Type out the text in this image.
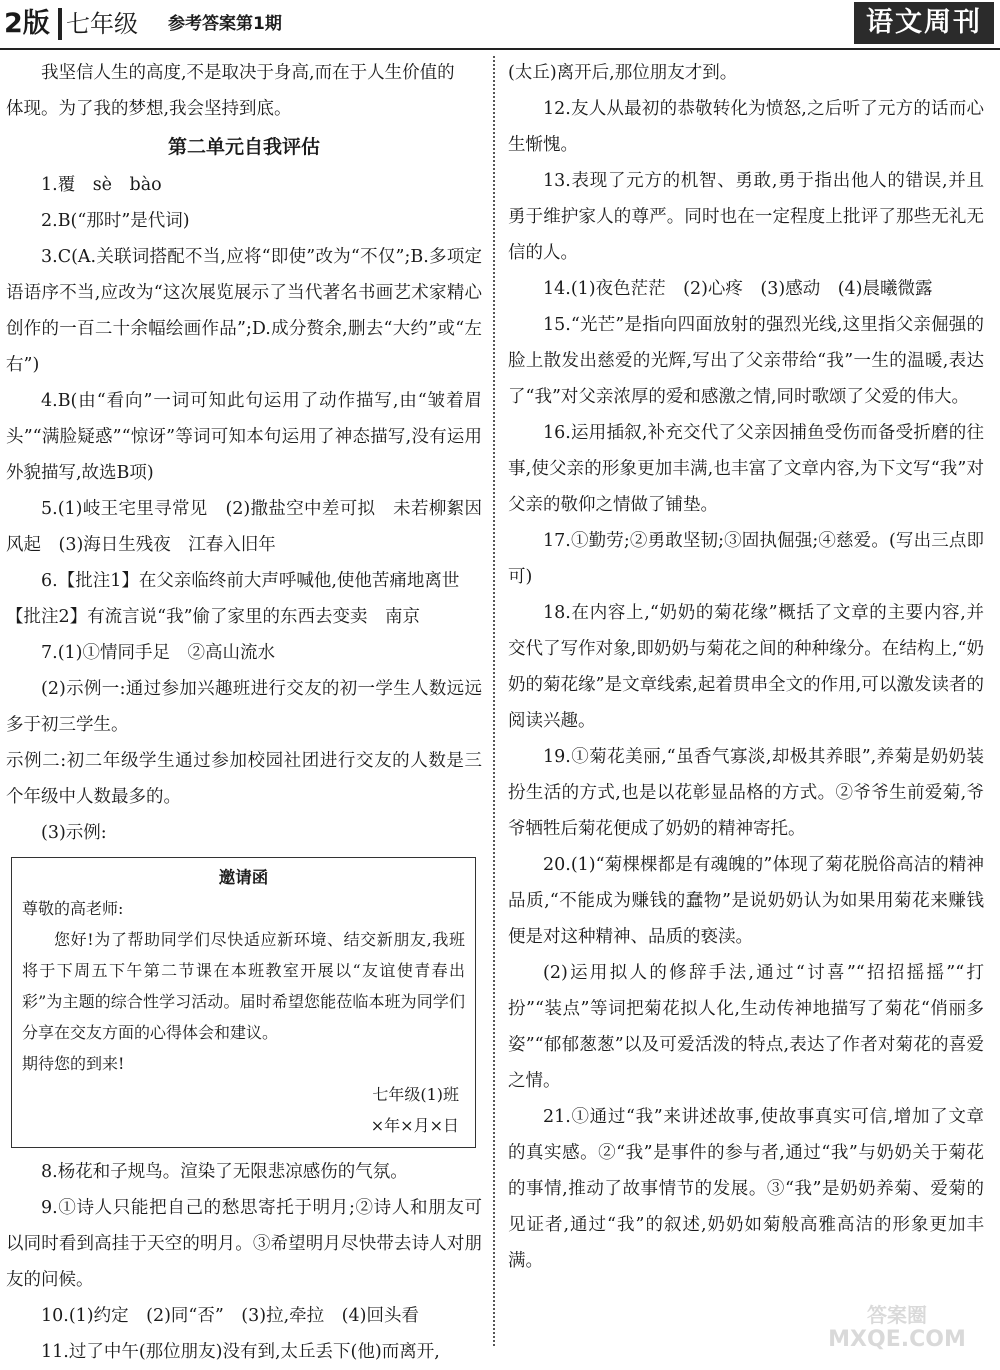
2版 七年级 参考答案第1期	语文周刊

我坚信人生的高度,不是取决于身高,而在于人生价值的

体现。为了我的梦想,我会坚持到底。

第二单元自我评估

1.覆　sè　bào

2.B(“那时”是代词)

3.C(A.关联词搭配不当,应将“即使”改为“不仅”;B.多项定语语序不当,应改为“这次展览展示了当代著名书画艺术家精心创作的一百二十余幅绘画作品”;D.成分赘余,删去“大约”或“左右”)

4.B(由“看向”一词可知此句运用了动作描写,由“皱着眉头”“满脸疑惑”“惊讶”等词可知本句运用了神态描写,没有运用外貌描写,故选B项)

5.(1)岐王宅里寻常见　(2)撒盐空中差可拟　未若柳絮因风起　(3)海日生残夜　江春入旧年

6.【批注1】在父亲临终前大声呼喊他,使他苦痛地离世

【批注2】有流言说“我”偷了家里的东西去变卖　南京

7.(1)①情同手足　②高山流水

(2)示例一:通过参加兴趣班进行交友的初一学生人数远远多于初三学生。

示例二:初二年级学生通过参加校园社团进行交友的人数是三个年级中人数最多的。

(3)示例:

邀请函

尊敬的高老师:

您好!为了帮助同学们尽快适应新环境、结交新朋友,我班将于下周五下午第二节课在本班教室开展以“友谊使青春出彩”为主题的综合性学习活动。届时希望您能莅临本班为同学们分享在交友方面的心得体会和建议。

期待您的到来!

七年级(1)班

×年×月×日

8.杨花和子规鸟。渲染了无限悲凉感伤的气氛。

9.①诗人只能把自己的愁思寄托于明月;②诗人和朋友可以同时看到高挂于天空的明月。③希望明月尽快带去诗人对朋友的问候。

10.(1)约定　(2)同“否”　(3)拉,牵拉　(4)回头看

11.过了中午(那位朋友)没有到,太丘丢下(他)而离开,

(太丘)离开后,那位朋友才到。

12.友人从最初的恭敬转化为愤怒,之后听了元方的话而心生惭愧。

13.表现了元方的机智、勇敢,勇于指出他人的错误,并且勇于维护家人的尊严。同时也在一定程度上批评了那些无礼无信的人。

14.(1)夜色茫茫　(2)心疼　(3)感动　(4)晨曦微露

15.“光芒”是指向四面放射的强烈光线,这里指父亲倔强的脸上散发出慈爱的光辉,写出了父亲带给“我”一生的温暖,表达了“我”对父亲浓厚的爱和感激之情,同时歌颂了父爱的伟大。

16.运用插叙,补充交代了父亲因捕鱼受伤而备受折磨的往事,使父亲的形象更加丰满,也丰富了文章内容,为下文写“我”对父亲的敬仰之情做了铺垫。

17.①勤劳;②勇敢坚韧;③固执倔强;④慈爱。(写出三点即可)

18.在内容上,“奶奶的菊花缘”概括了文章的主要内容,并交代了写作对象,即奶奶与菊花之间的种种缘分。在结构上,“奶奶的菊花缘”是文章线索,起着贯串全文的作用,可以激发读者的阅读兴趣。

19.①菊花美丽,“虽香气寡淡,却极其养眼”,养菊是奶奶装扮生活的方式,也是以花彰显品格的方式。②爷爷生前爱菊,爷爷牺牲后菊花便成了奶奶的精神寄托。

20.(1)“菊棵棵都是有魂魄的”体现了菊花脱俗高洁的精神品质,“不能成为赚钱的蠢物”是说奶奶认为如果用菊花来赚钱便是对这种精神、品质的亵渎。

(2)运用拟人的修辞手法,通过“讨喜”“招招摇摇”“打扮”“装点”等词把菊花拟人化,生动传神地描写了菊花“俏丽多姿”“郁郁葱葱”以及可爱活泼的特点,表达了作者对菊花的喜爱之情。

21.①通过“我”来讲述故事,使故事真实可信,增加了文章的真实感。②“我”是事件的参与者,通过“我”与奶奶关于菊花的事情,推动了故事情节的发展。③“我”是奶奶养菊、爱菊的见证者,通过“我”的叙述,奶奶如菊般高雅高洁的形象更加丰满。

答案圈
MXQE.COM
